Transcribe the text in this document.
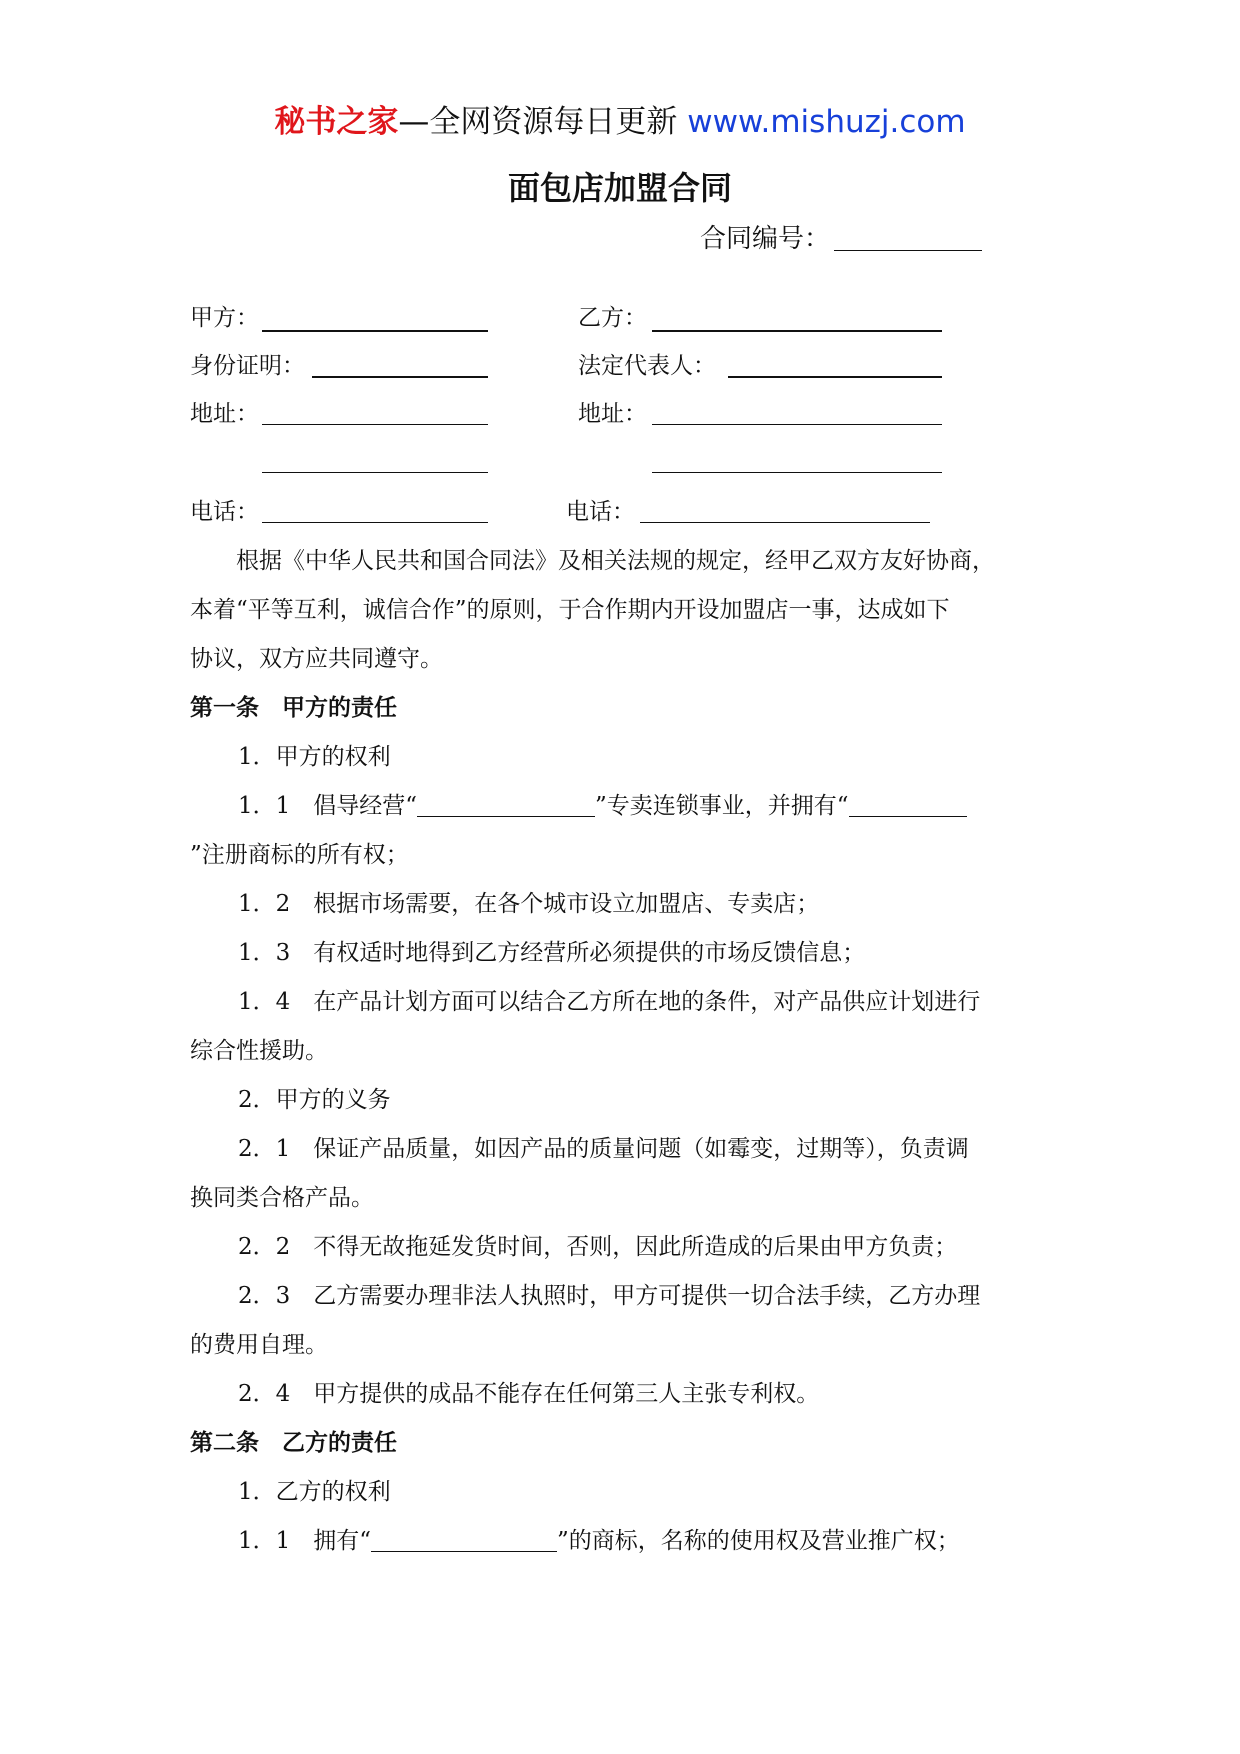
秘书之家—全网资源每日更新 www.mishuzj.com
面包店加盟合同
合同编号：
甲方：	乙方：
身份证明：	法定代表人：
地址：	地址：
电话：	电话：
　　根据《中华人民共和国合同法》及相关法规的规定，经甲乙双方友好协商，
本着“平等互利，诚信合作”的原则，于合作期内开设加盟店一事，达成如下
协议，双方应共同遵守。
第一条　甲方的责任
1．甲方的权利
1．1　倡导经营“	”专卖连锁事业，并拥有“
”注册商标的所有权；
1．2　根据市场需要，在各个城市设立加盟店、专卖店；
1．3　有权适时地得到乙方经营所必须提供的市场反馈信息；
1．4　在产品计划方面可以结合乙方所在地的条件，对产品供应计划进行
综合性援助。
2．甲方的义务
2．1　保证产品质量，如因产品的质量问题（如霉变，过期等），负责调
换同类合格产品。
2．2　不得无故拖延发货时间，否则，因此所造成的后果由甲方负责；
2．3　乙方需要办理非法人执照时，甲方可提供一切合法手续，乙方办理
的费用自理。
2．4　甲方提供的成品不能存在任何第三人主张专利权。
第二条　乙方的责任
1．乙方的权利
1．1　拥有“	”的商标，名称的使用权及营业推广权；
